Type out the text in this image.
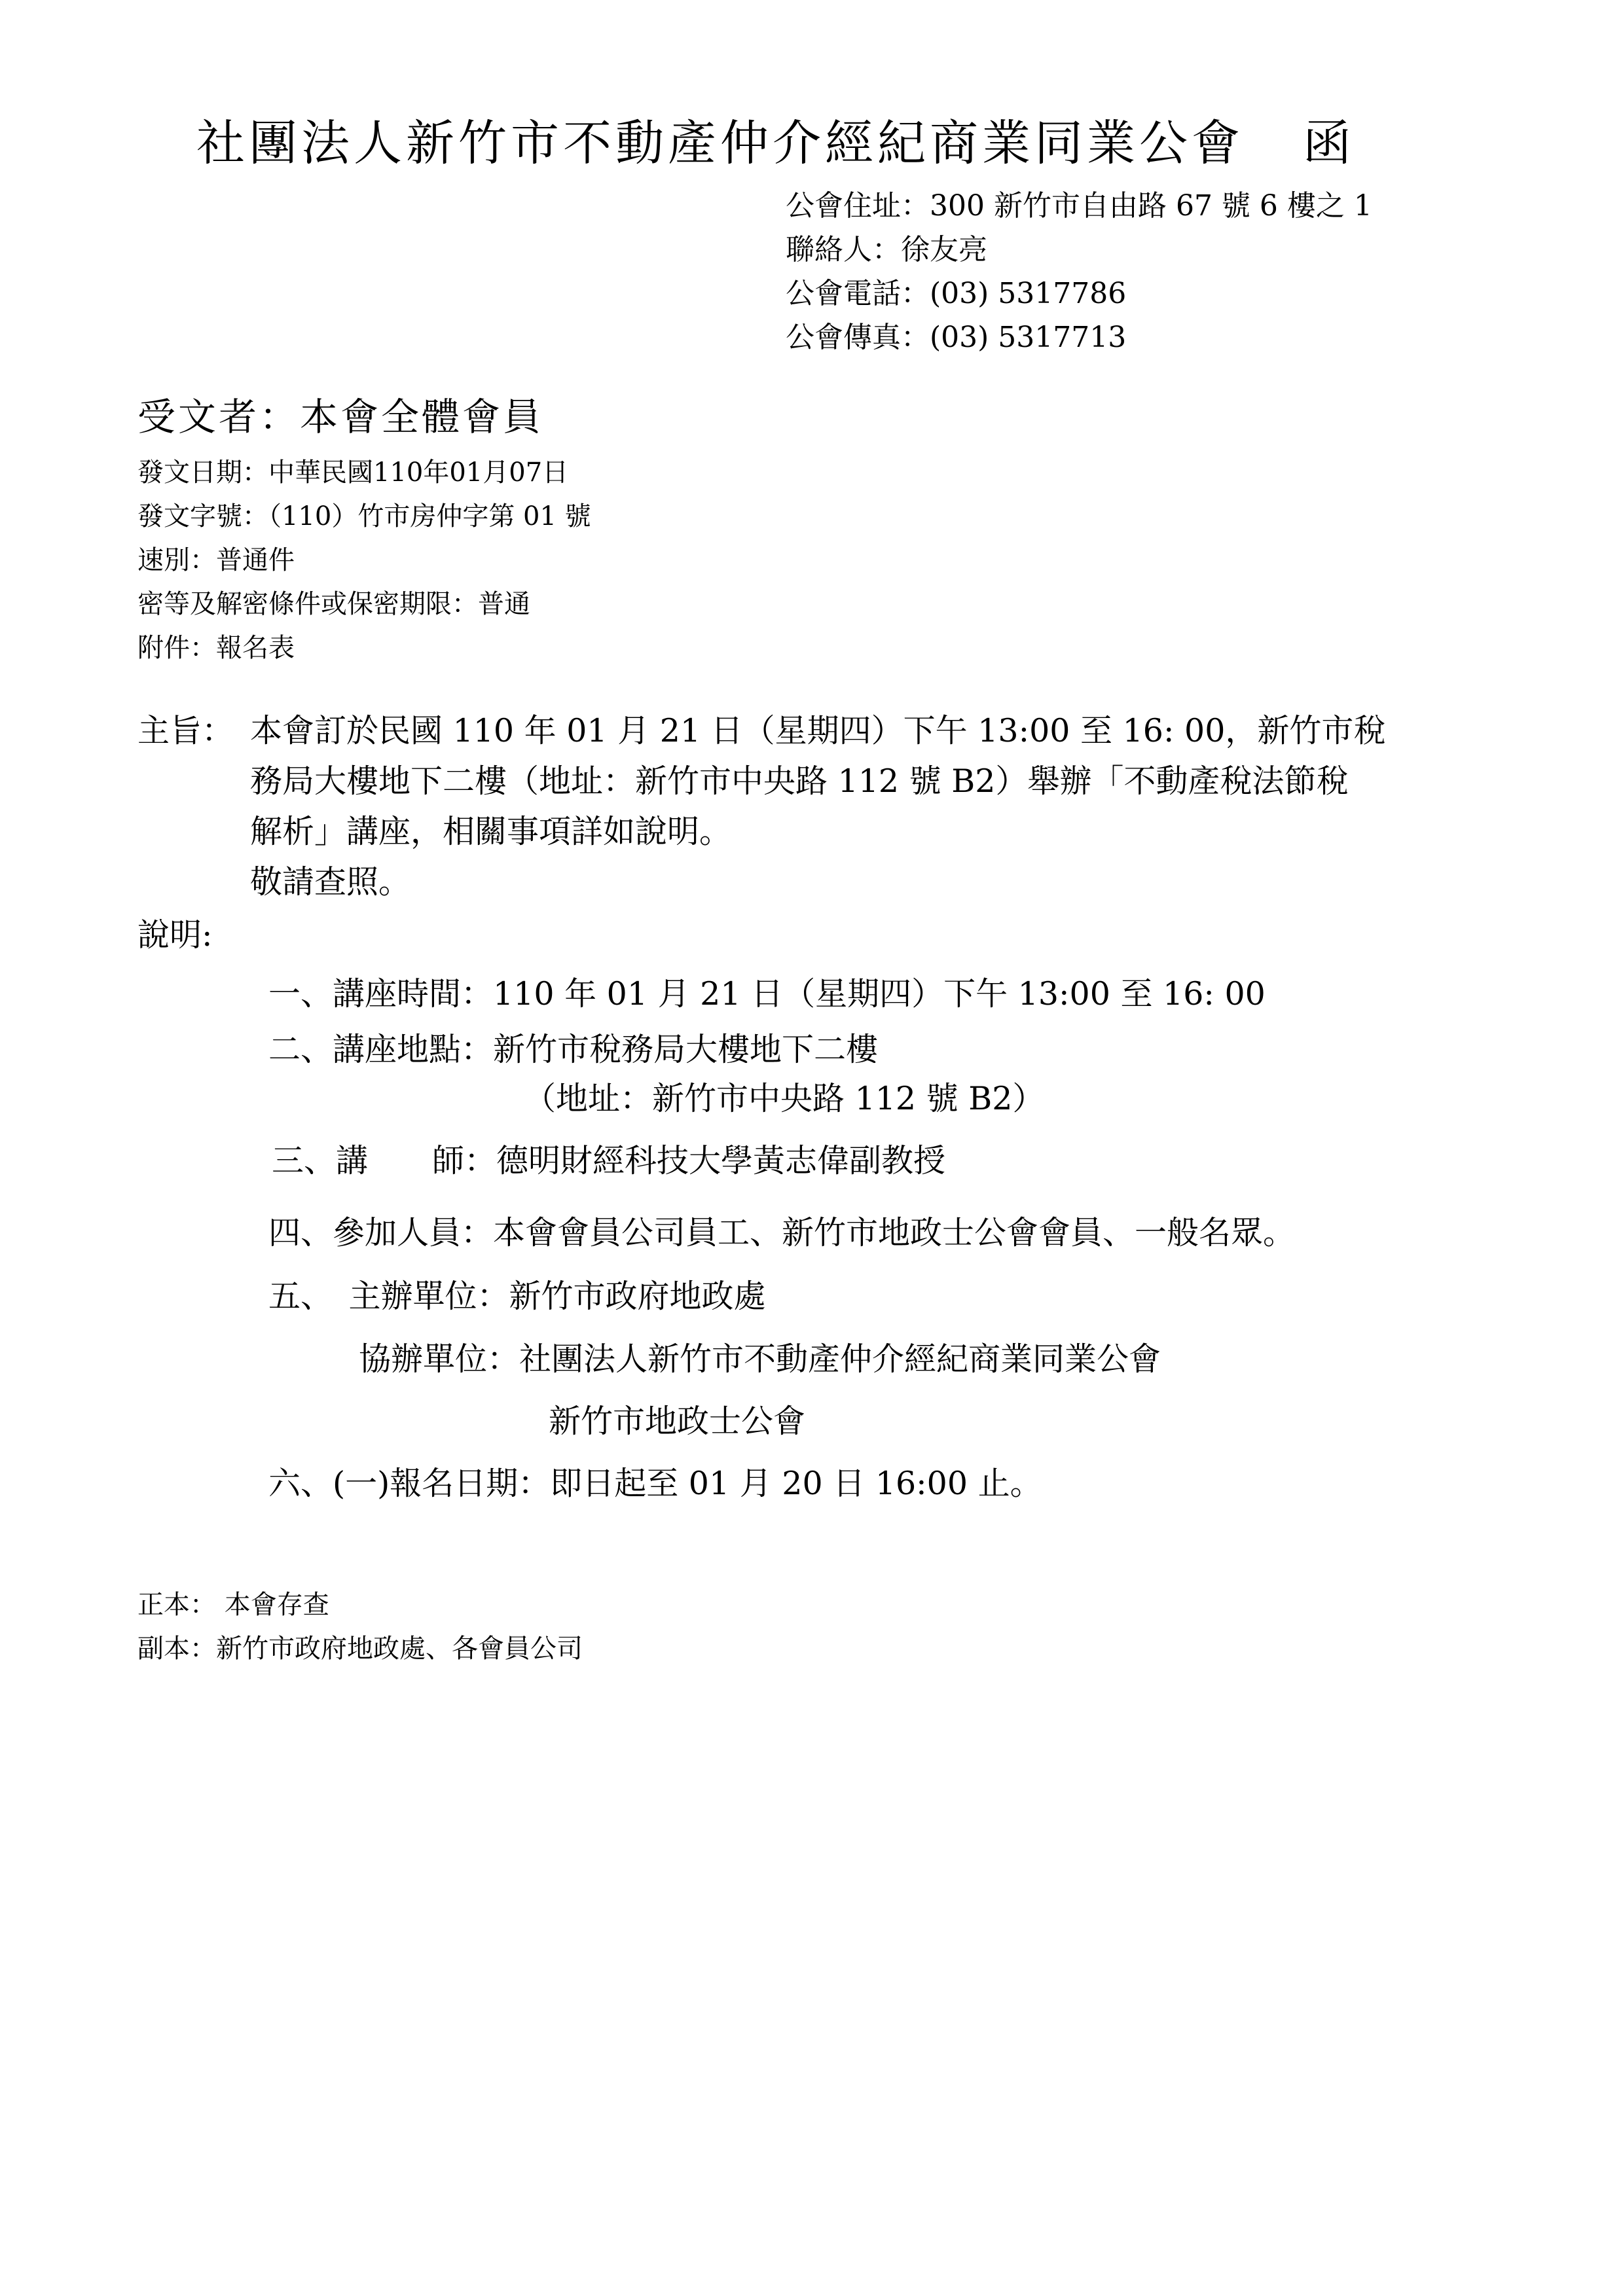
社團法人新竹市不動產仲介經紀商業同業公會 函
公會住址：300 新竹市自由路 67 號 6 樓之 1
聯絡人：徐友亮
公會電話：(03) 5317786
公會傳真：(03) 5317713
受文者：本會全體會員
發文日期：中華民國110年01月07日
發文字號：（110）竹市房仲字第 01 號
速別：普通件
密等及解密條件或保密期限：普通
附件：報名表
主旨： 本會訂於民國 110 年 01 月 21 日（星期四）下午 13:00 至 16: 00，新竹市稅
務局大樓地下二樓（地址：新竹市中央路 112 號 B2）舉辦「不動產稅法節稅
解析」講座，相關事項詳如說明。
敬請查照。
說明:
一、講座時間：110 年 01 月 21 日（星期四）下午 13:00 至 16: 00
二、講座地點：新竹市稅務局大樓地下二樓
（地址：新竹市中央路 112 號 B2）
三、講　　師：德明財經科技大學黃志偉副教授
四、參加人員：本會會員公司員工、新竹市地政士公會會員、一般名眾。
五、　主辦單位：新竹市政府地政處
協辦單位：社團法人新竹市不動產仲介經紀商業同業公會
新竹市地政士公會
六、(一)報名日期：即日起至 01 月 20 日 16:00 止。
正本： 本會存查
副本：新竹市政府地政處、各會員公司
